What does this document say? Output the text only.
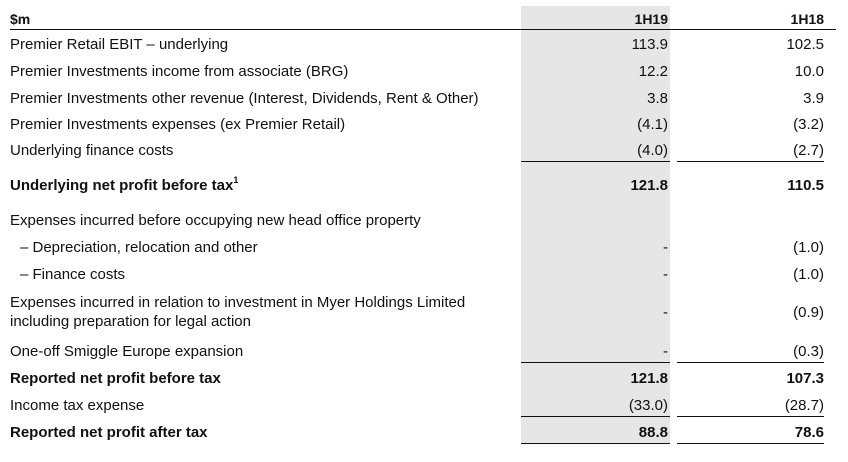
$m	1H19	1H18
Premier Retail EBIT – underlying	113.9	102.5
Premier Investments income from associate (BRG)	12.2	10.0
Premier Investments other revenue (Interest, Dividends, Rent & Other)	3.8	3.9
Premier Investments expenses (ex Premier Retail)	(4.1)	(3.2)
Underlying finance costs	(4.0)	(2.7)
Underlying net profit before tax$^1$	121.8	110.5
Expenses incurred before occupying new head office property
– Depreciation, relocation and other	-	(1.0)
– Finance costs	-	(1.0)
Expenses incurred in relation to investment in Myer Holdings Limited
including preparation for legal action
-	(0.9)
One-off Smiggle Europe expansion	-	(0.3)
Reported net profit before tax	121.8	107.3
Income tax expense	(33.0)	(28.7)
Reported net profit after tax	88.8	78.6
